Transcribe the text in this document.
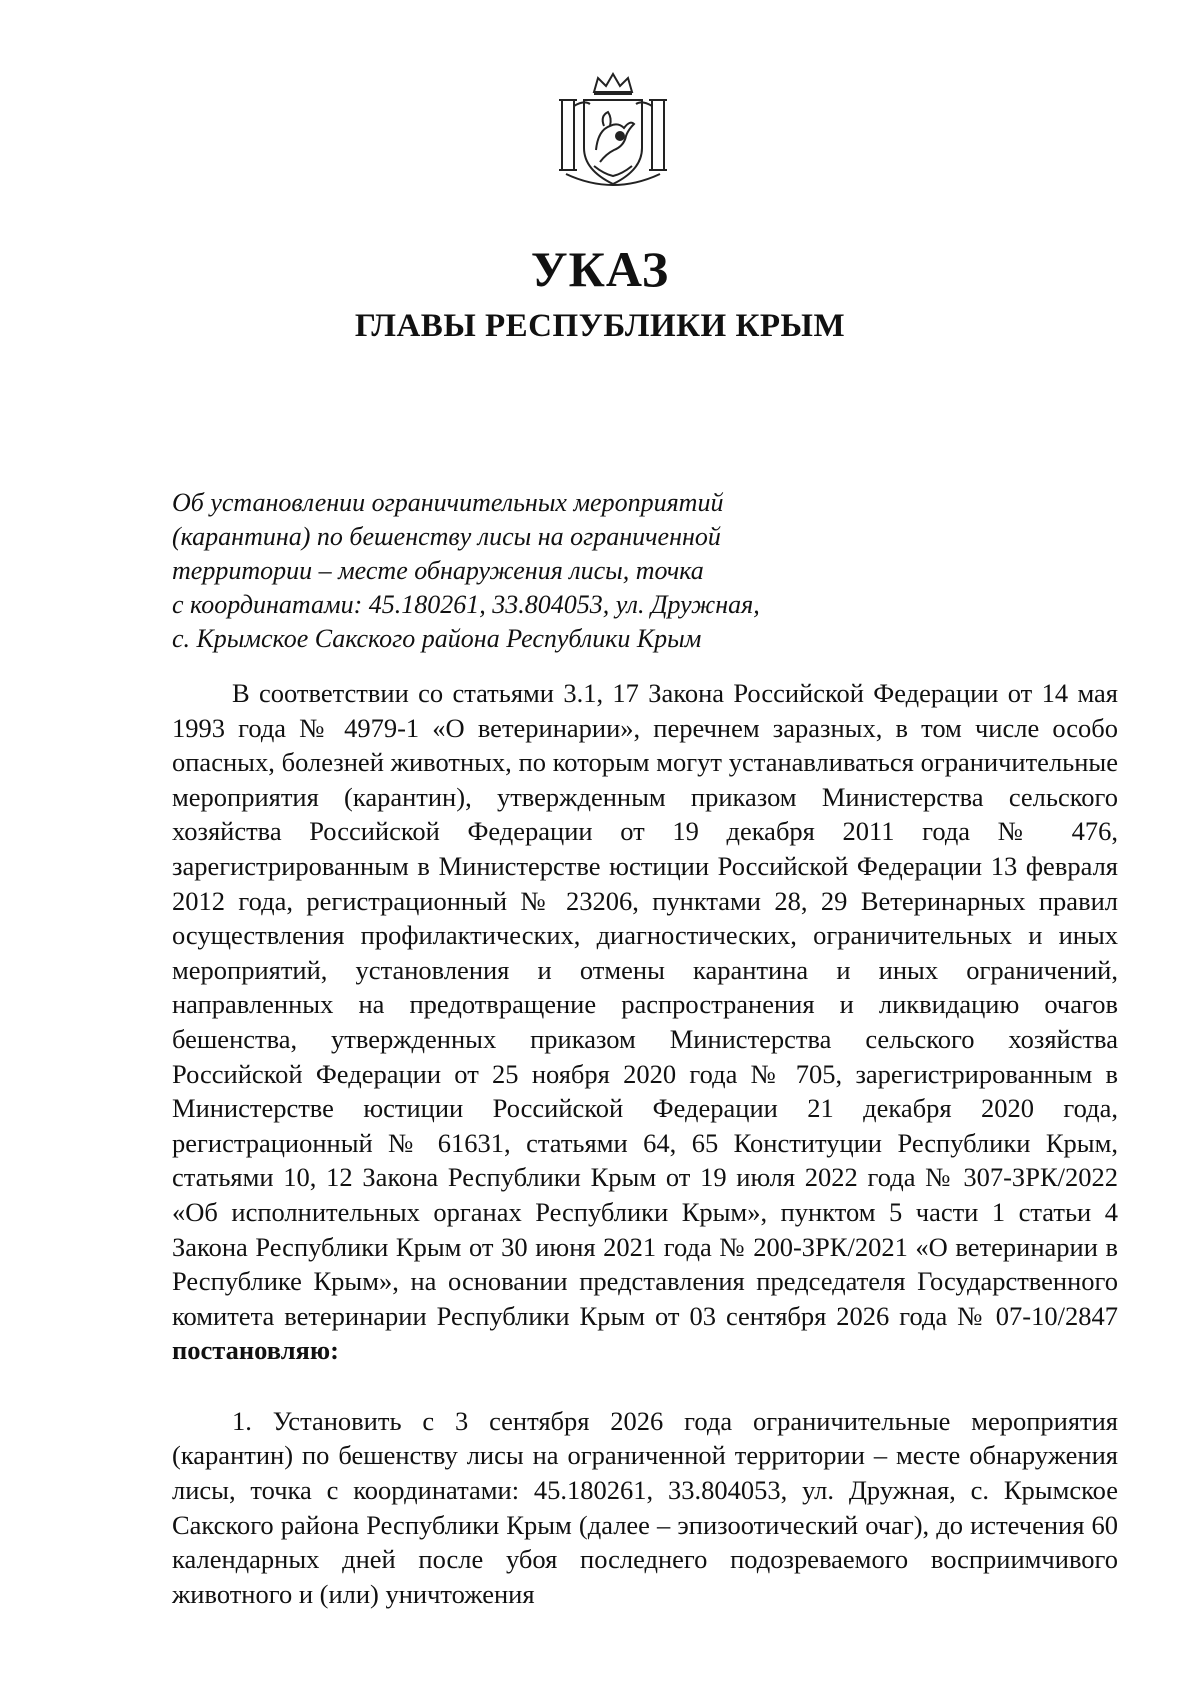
УКАЗ
ГЛАВЫ РЕСПУБЛИКИ КРЫМ
Об установлении ограничительных мероприятий
(карантина) по бешенству лисы на ограниченной
территории – месте обнаружения лисы, точка
с координатами: 45.180261, 33.804053, ул. Дружная,
с. Крымское Сакского района Республики Крым

В соответствии со статьями 3.1, 17 Закона Российской Федерации от 14 мая 1993 года № 4979-1 «О ветеринарии», перечнем заразных, в том числе особо опасных, болезней животных, по которым могут устанавливаться ограничительные мероприятия (карантин), утвержденным приказом Министерства сельского хозяйства Российской Федерации от 19 декабря 2011 года № 476, зарегистрированным в Министерстве юстиции Российской Федерации 13 февраля 2012 года, регистрационный № 23206, пунктами 28, 29 Ветеринарных правил осуществления профилактических, диагностических, ограничительных и иных мероприятий, установления и отмены карантина и иных ограничений, направленных на предотвращение распространения и ликвидацию очагов бешенства, утвержденных приказом Министерства сельского хозяйства Российской Федерации от 25 ноября 2020 года № 705, зарегистрированным в Министерстве юстиции Российской Федерации 21 декабря 2020 года, регистрационный № 61631, статьями 64, 65 Конституции Республики Крым, статьями 10, 12 Закона Республики Крым от 19 июля 2022 года № 307-ЗРК/2022 «Об исполнительных органах Республики Крым», пунктом 5 части 1 статьи 4 Закона Республики Крым от 30 июня 2021 года № 200-ЗРК/2021 «О ветеринарии в Республике Крым», на основании представления председателя Государственного комитета ветеринарии Республики Крым от 03 сентября 2026 года № 07-10/2847 постановляю:

1. Установить с 3 сентября 2026 года ограничительные мероприятия (карантин) по бешенству лисы на ограниченной территории – месте обнаружения лисы, точка с координатами: 45.180261, 33.804053, ул. Дружная, с. Крымское Сакского района Республики Крым (далее – эпизоотический очаг), до истечения 60 календарных дней после убоя последнего подозреваемого восприимчивого животного и (или) уничтожения
